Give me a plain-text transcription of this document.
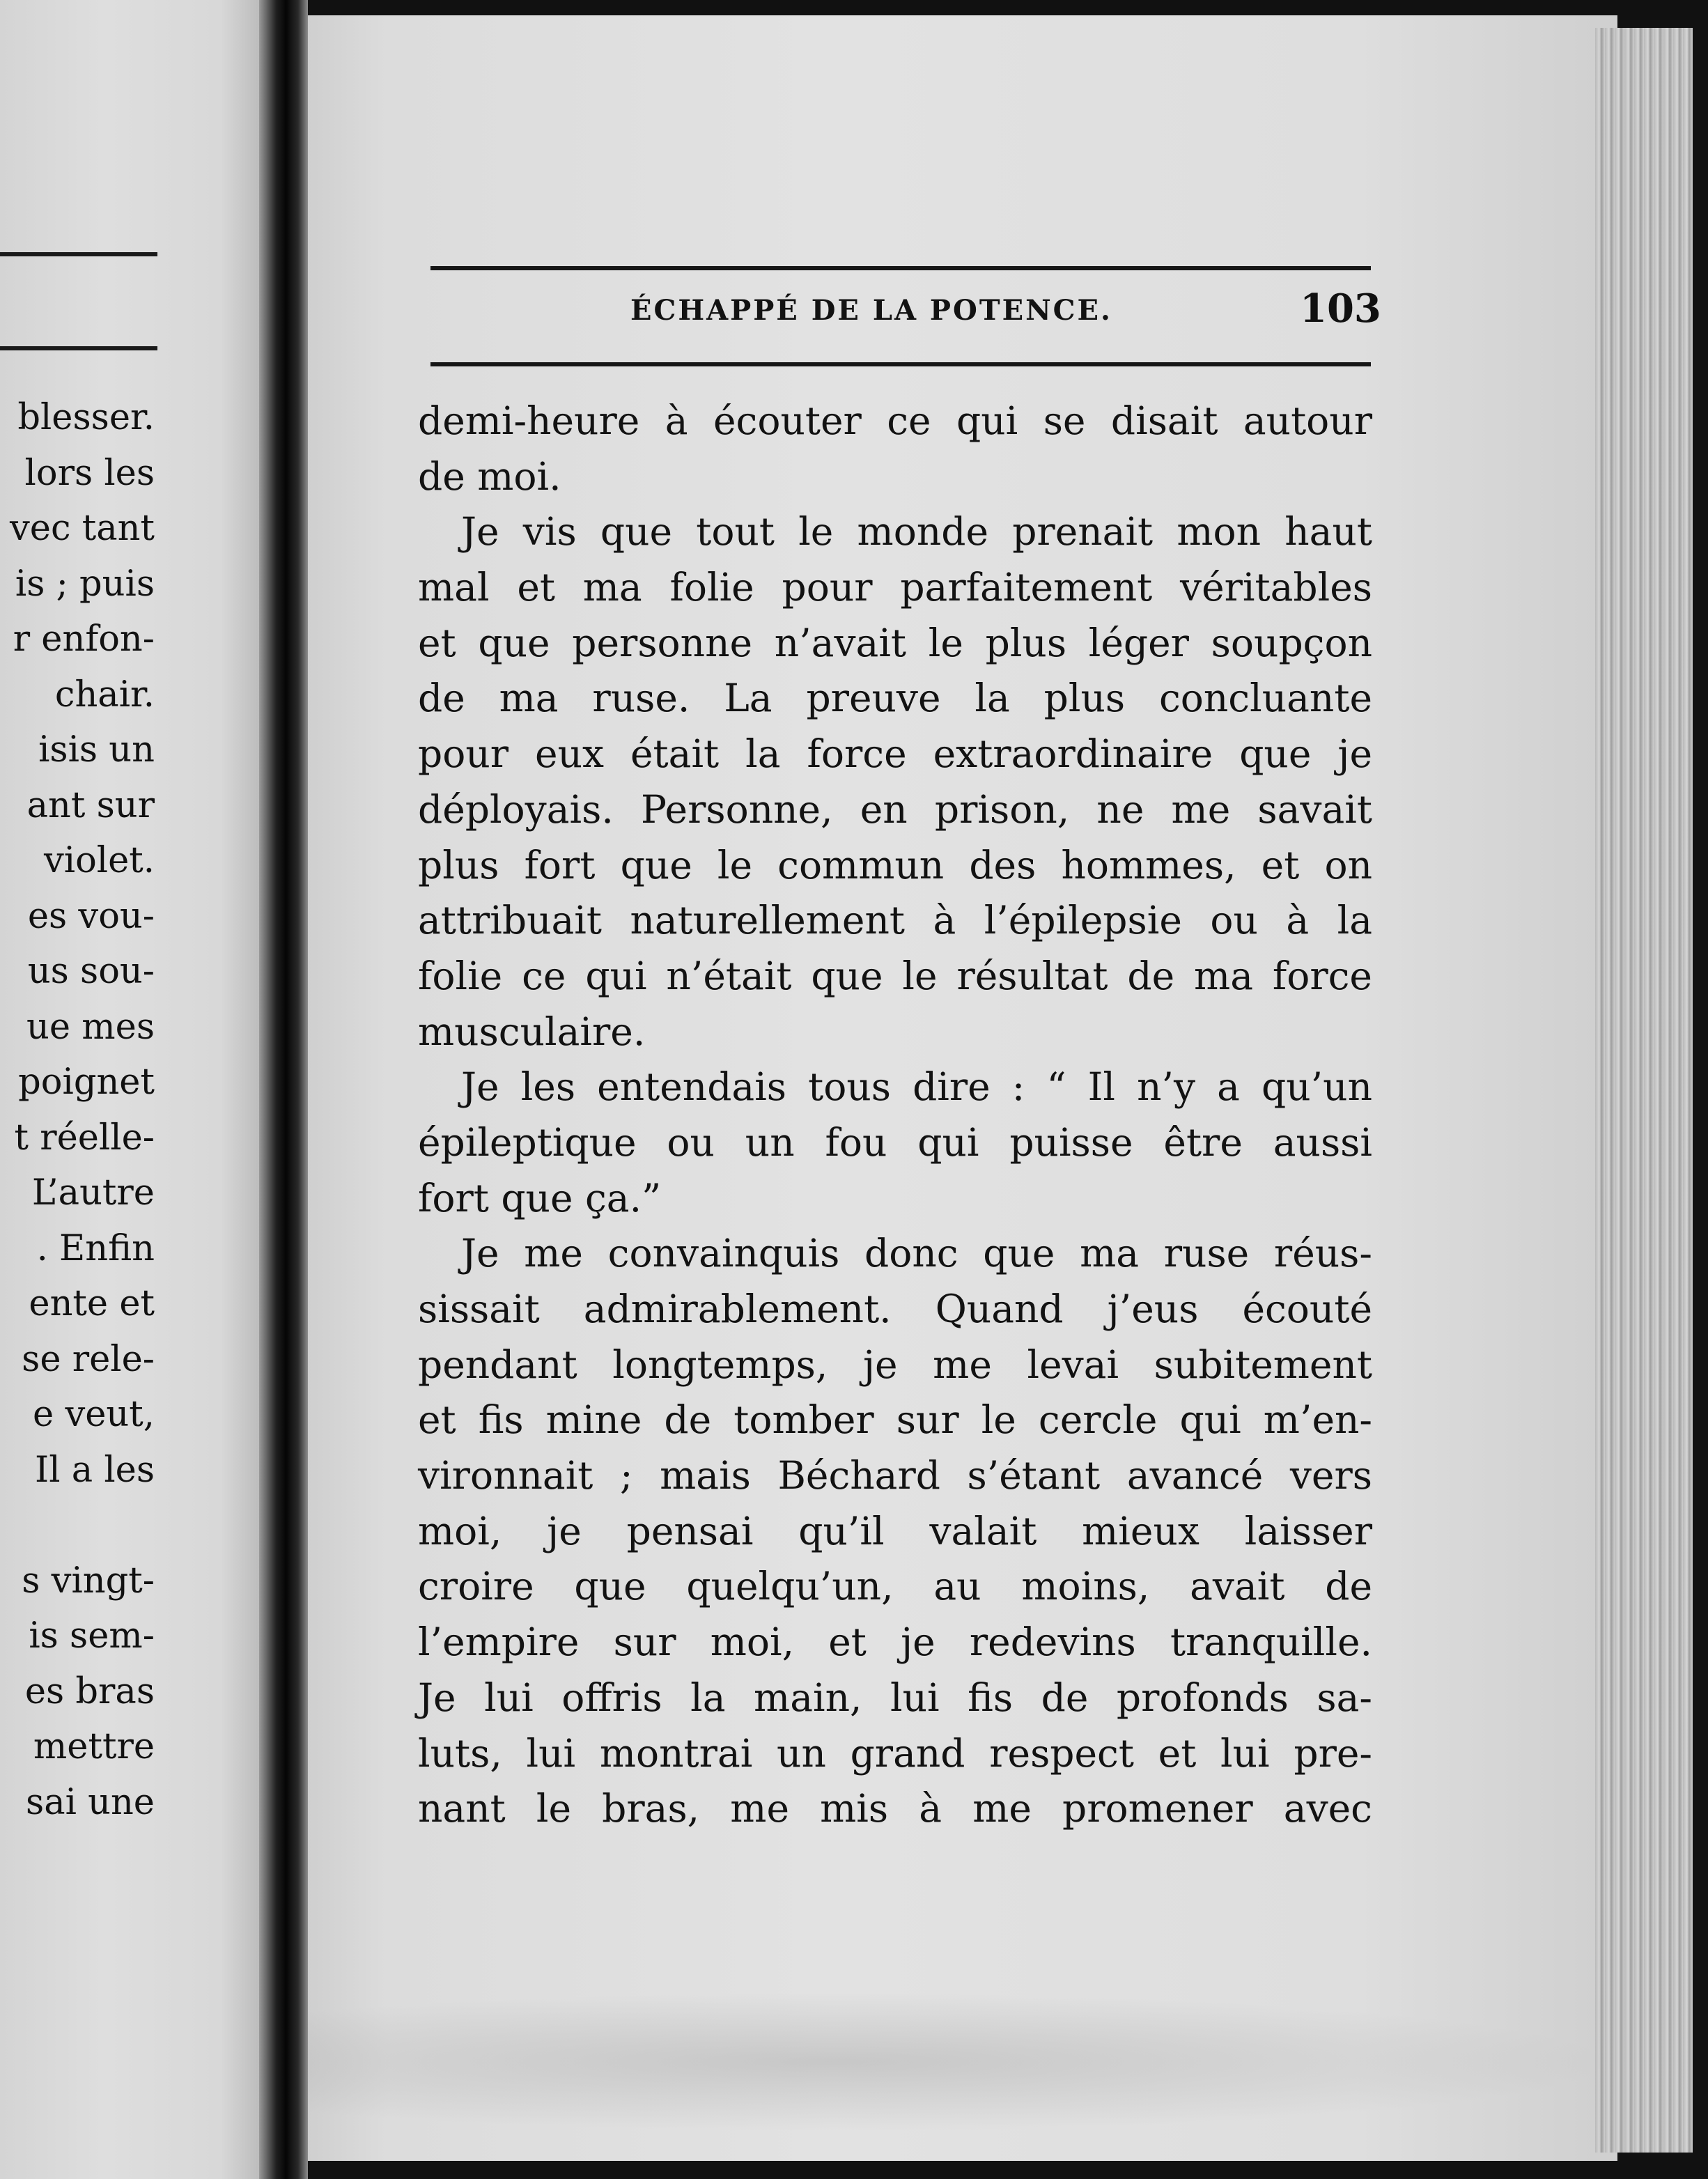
blesser.
lors les
vec tant
is ; puis
r enfon-
chair.
isis un
ant sur
violet.
es vou-
us sou-
ue mes
poignet
t réelle-
L’autre
. Enfin
ente et
se rele-
e veut,
Il a les
s vingt-
is sem-
es bras
mettre
sai une
ÉCHAPPÉ DE LA POTENCE.	103
demi-heure à écouter ce qui se disait autour
de moi.
Je vis que tout le monde prenait mon haut
mal et ma folie pour parfaitement véritables
et que personne n’avait le plus léger soupçon
de ma ruse. La preuve la plus concluante
pour eux était la force extraordinaire que je
déployais. Personne, en prison, ne me savait
plus fort que le commun des hommes, et on
attribuait naturellement à l’épilepsie ou à la
folie ce qui n’était que le résultat de ma force
musculaire.
Je les entendais tous dire : “ Il n’y a qu’un
épileptique ou un fou qui puisse être aussi
fort que ça.”
Je me convainquis donc que ma ruse réus-
sissait admirablement. Quand j’eus écouté
pendant longtemps, je me levai subitement
et fis mine de tomber sur le cercle qui m’en-
vironnait ; mais Béchard s’étant avancé vers
moi, je pensai qu’il valait mieux laisser
croire que quelqu’un, au moins, avait de
l’empire sur moi, et je redevins tranquille.
Je lui offris la main, lui fis de profonds sa-
luts, lui montrai un grand respect et lui pre-
nant le bras, me mis à me promener avec
